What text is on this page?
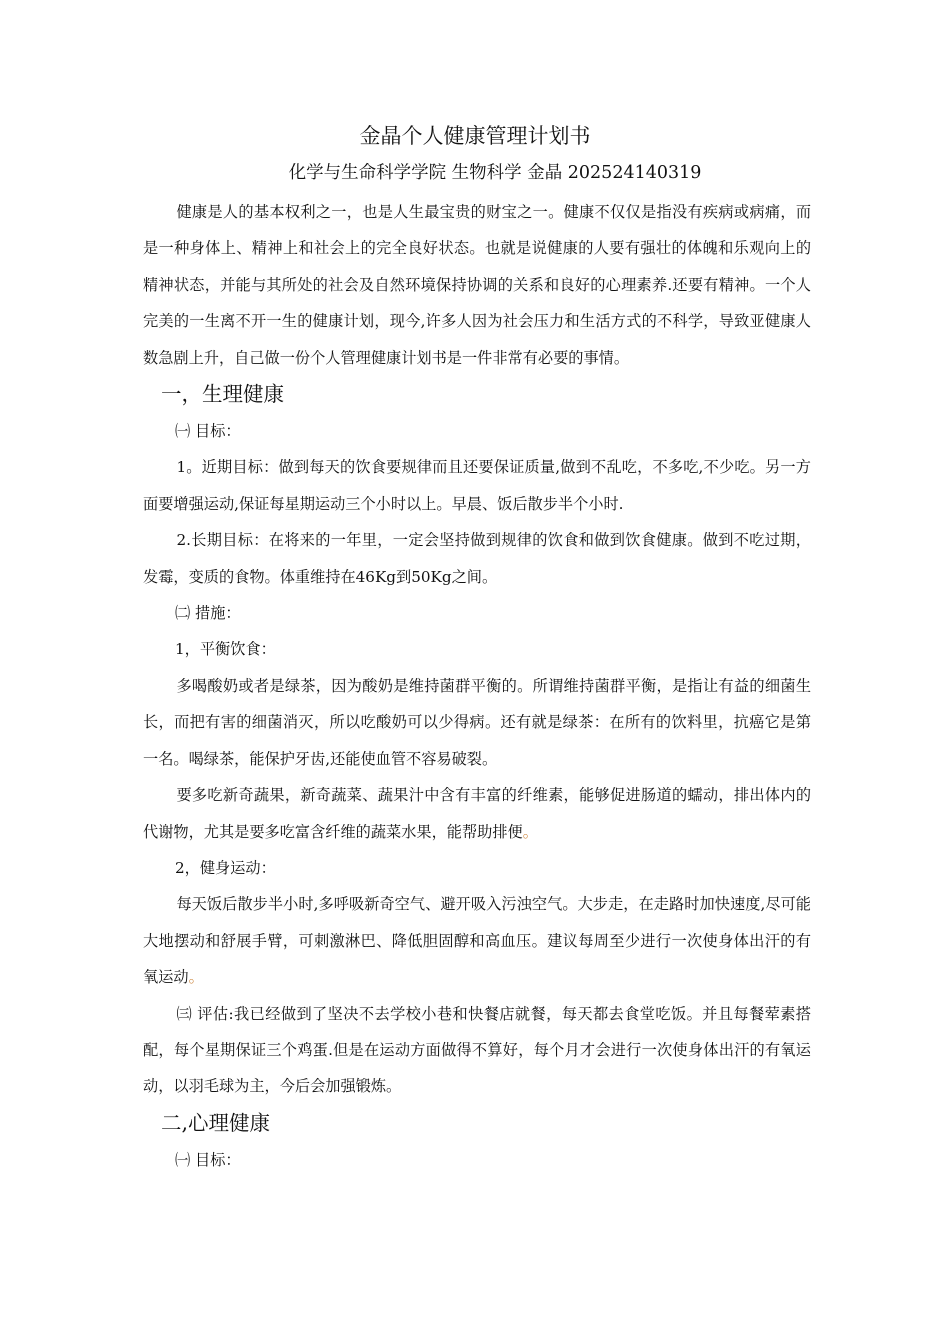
金晶个人健康管理计划书
化学与生命科学学院 生物科学 金晶 202524140319

健康是人的基本权利之一，也是人生最宝贵的财宝之一。健康不仅仅是指没有疾病或病痛，而是一种身体上、精神上和社会上的完全良好状态。也就是说健康的人要有强壮的体魄和乐观向上的精神状态，并能与其所处的社会及自然环境保持协调的关系和良好的心理素养.还要有精神。一个人完美的一生离不开一生的健康计划，现今,许多人因为社会压力和生活方式的不科学，导致亚健康人数急剧上升，自己做一份个人管理健康计划书是一件非常有必要的事情。

一，生理健康

㈠ 目标：

1。近期目标：做到每天的饮食要规律而且还要保证质量,做到不乱吃，不多吃,不少吃。另一方面要增强运动,保证每星期运动三个小时以上。早晨、饭后散步半个小时.

2.长期目标：在将来的一年里，一定会坚持做到规律的饮食和做到饮食健康。做到不吃过期，发霉，变质的食物。体重维持在46Kg到50Kg之间。

㈡ 措施：

1，平衡饮食：

多喝酸奶或者是绿茶，因为酸奶是维持菌群平衡的。所谓维持菌群平衡，是指让有益的细菌生长，而把有害的细菌消灭，所以吃酸奶可以少得病。还有就是绿茶：在所有的饮料里，抗癌它是第一名。喝绿茶，能保护牙齿,还能使血管不容易破裂。

要多吃新奇蔬果，新奇蔬菜、蔬果汁中含有丰富的纤维素，能够促进肠道的蠕动，排出体内的代谢物，尤其是要多吃富含纤维的蔬菜水果，能帮助排便。

2，健身运动：

每天饭后散步半小时,多呼吸新奇空气、避开吸入污浊空气。大步走，在走路时加快速度,尽可能大地摆动和舒展手臂，可刺激淋巴、降低胆固醇和高血压。建议每周至少进行一次使身体出汗的有氧运动。

㈢ 评估:我已经做到了坚决不去学校小巷和快餐店就餐，每天都去食堂吃饭。并且每餐荤素搭配，每个星期保证三个鸡蛋.但是在运动方面做得不算好，每个月才会进行一次使身体出汗的有氧运动，以羽毛球为主，今后会加强锻炼。

二,心理健康

㈠ 目标：
